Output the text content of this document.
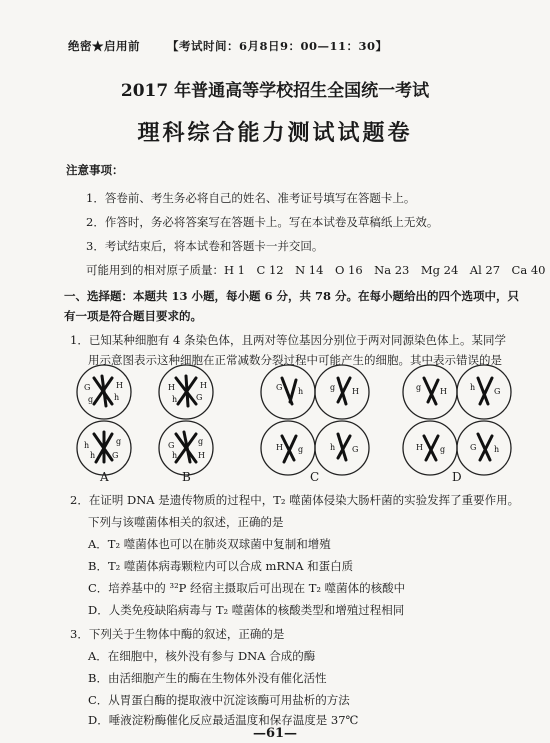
绝密★启用前 【考试时间：6月8日9：00—11：30】
2017 年普通高等学校招生全国统一考试
理科综合能力测试试题卷
注意事项：
1．答卷前、考生务必将自己的姓名、准考证号填写在答题卡上。
2．作答时，务必将答案写在答题卡上。写在本试卷及草稿纸上无效。
3．考试结束后，将本试卷和答题卡一并交回。
可能用到的相对原子质量：H 1　C 12　N 14　O 16　Na 23　Mg 24　Al 27　Ca 40
一、选择题：本题共 13 小题，每小题 6 分，共 78 分。在每小题给出的四个选项中，只
有一项是符合题目要求的。
1．已知某种细胞有 4 条染色体，且两对等位基因分别位于两对同源染色体上。某同学
用示意图表示这种细胞在正常减数分裂过程中可能产生的细胞。其中表示错误的是
G	H
g	h
h	g
h G
H	H
h G
G	g
h	H
G h	g H
H g	h G
g H	h G
H g	G h
A	B	C	D
2．在证明 DNA 是遗传物质的过程中，T₂ 噬菌体侵染大肠杆菌的实验发挥了重要作用。
下列与该噬菌体相关的叙述，正确的是
A．T₂ 噬菌体也可以在肺炎双球菌中复制和增殖
B．T₂ 噬菌体病毒颗粒内可以合成 mRNA 和蛋白质
C．培养基中的 ³²P 经宿主摄取后可出现在 T₂ 噬菌体的核酸中
D．人类免疫缺陷病毒与 T₂ 噬菌体的核酸类型和增殖过程相同
3．下列关于生物体中酶的叙述，正确的是
A．在细胞中，核外没有参与 DNA 合成的酶
B．由活细胞产生的酶在生物体外没有催化活性
C．从胃蛋白酶的提取液中沉淀该酶可用盐析的方法
D．唾液淀粉酶催化反应最适温度和保存温度是 37℃
—61—
